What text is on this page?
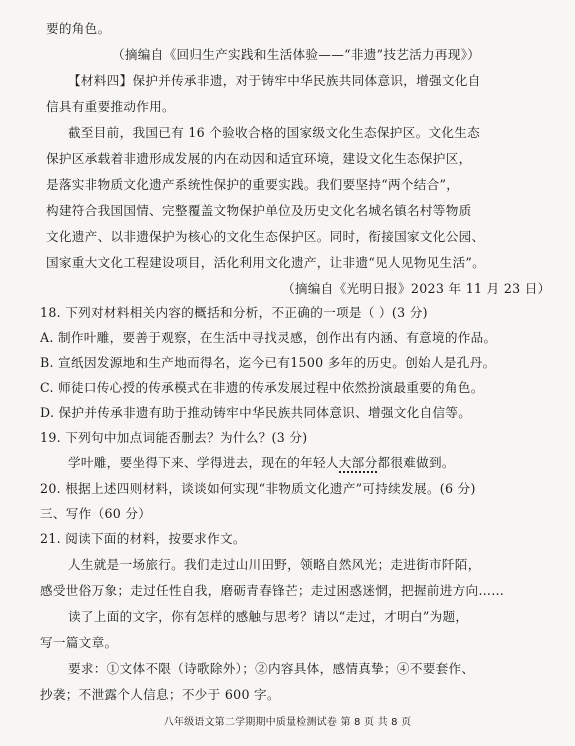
要的角色。
（摘编自《回归生产实践和生活体验——“非遗”技艺活力再现》）
【材料四】保护并传承非遗，对于铸牢中华民族共同体意识，增强文化自
信具有重要推动作用。
截至目前，我国已有 16 个验收合格的国家级文化生态保护区。文化生态
保护区承载着非遗形成发展的内在动因和适宜环境，建设文化生态保护区，
是落实非物质文化遗产系统性保护的重要实践。我们要坚持“两个结合”，
构建符合我国国情、完整覆盖文物保护单位及历史文化名城名镇名村等物质
文化遗产、以非遗保护为核心的文化生态保护区。同时，衔接国家文化公园、
国家重大文化工程建设项目，活化利用文化遗产，让非遗“见人见物见生活”。
（摘编自《光明日报》2023 年 11 月 23 日）
18. 下列对材料相关内容的概括和分析，不正确的一项是（ ）(3 分)
A. 制作叶雕，要善于观察，在生活中寻找灵感，创作出有内涵、有意境的作品。
B. 宣纸因发源地和生产地而得名，迄今已有1500 多年的历史。创始人是孔丹。
C. 师徒口传心授的传承模式在非遗的传承发展过程中依然扮演最重要的角色。
D. 保护并传承非遗有助于推动铸牢中华民族共同体意识、增强文化自信等。
19. 下列句中加点词能否删去？为什么？(3 分)
学叶雕，要坐得下来、学得进去，现在的年轻人大部分都很难做到。
20. 根据上述四则材料，谈谈如何实现“非物质文化遗产”可持续发展。(6 分)
三、写作（60 分）
21. 阅读下面的材料，按要求作文。
人生就是一场旅行。我们走过山川田野，领略自然风光；走进街市阡陌，
感受世俗万象；走过任性自我，磨砺青春锋芒；走过困惑迷惘，把握前进方向……
读了上面的文字，你有怎样的感触与思考？请以“走过，才明白”为题，
写一篇文章。
要求：①文体不限（诗歌除外）；②内容具体，感情真挚；④不要套作、
抄袭；不泄露个人信息；不少于 600 字。
八年级语文第二学期期中质量检测试卷 第 8 页 共 8 页
